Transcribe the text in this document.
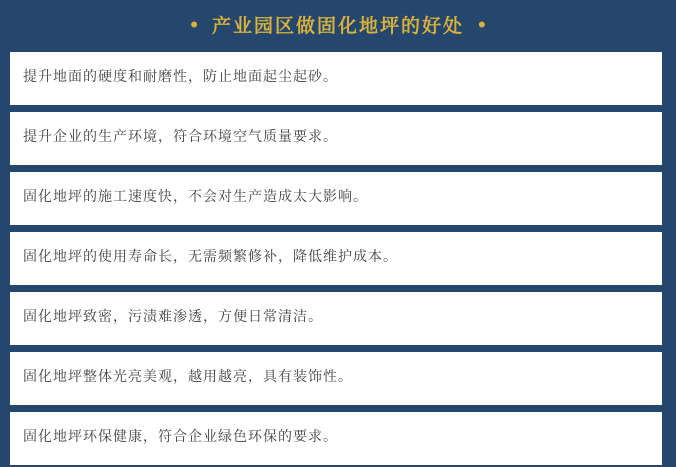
• 产业园区做固化地坪的好处 •
提升地面的硬度和耐磨性，防止地面起尘起砂。
提升企业的生产环境，符合环境空气质量要求。
固化地坪的施工速度快，不会对生产造成太大影响。
固化地坪的使用寿命长，无需频繁修补，降低维护成本。
固化地坪致密，污渍难渗透，方便日常清洁。
固化地坪整体光亮美观，越用越亮，具有装饰性。
固化地坪环保健康，符合企业绿色环保的要求。
